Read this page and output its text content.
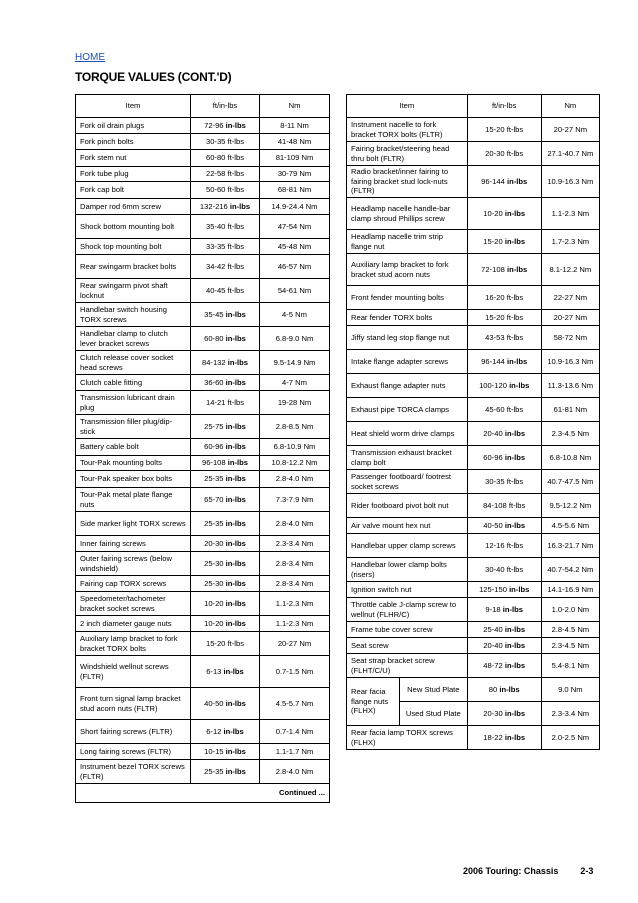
HOME
TORQUE VALUES (CONT.'D)
Item	ft/in-lbs	Nm
Fork oil drain plugs	72-96 in-lbs	8-11 Nm
Fork pinch bolts	30-35 ft-lbs	41-48 Nm
Fork stem nut	60-80 ft-lbs	81-109 Nm
Fork tube plug	22-58 ft-lbs	30-79 Nm
Fork cap bolt	50-60 ft-lbs	68-81 Nm
Damper rod 6mm screw	132-216 in-lbs	14.9-24.4 Nm
Shock bottom mounting bolt	35-40 ft-lbs	47-54 Nm
Shock top mounting bolt	33-35 ft-lbs	45-48 Nm
Rear swingarm bracket bolts	34-42 ft-lbs	46-57 Nm
Rear swingarm pivot shaft locknut	40-45 ft-lbs	54-61 Nm
Handlebar switch housing TORX screws	35-45 in-lbs	4-5 Nm
Handlebar clamp to clutch lever bracket screws	60-80 in-lbs	6.8-9.0 Nm
Clutch release cover socket head screws	84-132 in-lbs	9.5-14.9 Nm
Clutch cable fitting	36-60 in-lbs	4-7 Nm
Transmission lubricant drain plug	14-21 ft-lbs	19-28 Nm
Transmission filler plug/dip-stick	25-75 in-lbs	2.8-8.5 Nm
Battery cable bolt	60-96 in-lbs	6.8-10.9 Nm
Tour-Pak mounting bolts	96-108 in-lbs	10.8-12.2 Nm
Tour-Pak speaker box bolts	25-35 in-lbs	2.8-4.0 Nm
Tour-Pak metal plate flange nuts	65-70 in-lbs	7.3-7.9 Nm
Side marker light TORX screws	25-35 in-lbs	2.8-4.0 Nm
Inner fairing screws	20-30 in-lbs	2.3-3.4 Nm
Outer fairing screws (below windshield)	25-30 in-lbs	2.8-3.4 Nm
Fairing cap TORX screws	25-30 in-lbs	2.8-3.4 Nm
Speedometer/tachometer bracket socket screws	10-20 in-lbs	1.1-2.3 Nm
2 inch diameter gauge nuts	10-20 in-lbs	1.1-2.3 Nm
Auxiliary lamp bracket to fork bracket TORX bolts	15-20 ft-lbs	20-27 Nm
Windshield wellnut screws (FLTR)	6-13 in-lbs	0.7-1.5 Nm
Front turn signal lamp bracket stud acorn nuts (FLTR)	40-50 in-lbs	4.5-5.7 Nm
Short fairing screws (FLTR)	6-12 in-lbs	0.7-1.4 Nm
Long fairing screws (FLTR)	10-15 in-lbs	1.1-1.7 Nm
Instrument bezel TORX screws (FLTR)	25-35 in-lbs	2.8-4.0 Nm
Continued ...		
Item		ft/in-lbs	Nm
Instrument nacelle to fork bracket TORX bolts (FLTR)		15-20 ft-lbs	20-27 Nm
Fairing bracket/steering head thru bolt (FLTR)		20-30 ft-lbs	27.1-40.7 Nm
Radio bracket/inner fairing to fairing bracket stud lock-nuts (FLTR)		96-144 in-lbs	10.9-16.3 Nm
Headlamp nacelle handle-bar clamp shroud Phillips screw		10-20 in-lbs	1.1-2.3 Nm
Headlamp nacelle trim strip flange nut		15-20 in-lbs	1.7-2.3 Nm
Auxiliary lamp bracket to fork bracket stud acorn nuts		72-108 in-lbs	8.1-12.2 Nm
Front fender mounting bolts		16-20 ft-lbs	22-27 Nm
Rear fender TORX bolts		15-20 ft-lbs	20-27 Nm
Jiffy stand leg stop flange nut		43-53 ft-lbs	58-72 Nm
Intake flange adapter screws		96-144 in-lbs	10.9-16.3 Nm
Exhaust flange adapter nuts		100-120 in-lbs	11.3-13.6 Nm
Exhaust pipe TORCA clamps		45-60 ft-lbs	61-81 Nm
Heat shield worm drive clamps		20-40 in-lbs	2.3-4.5 Nm
Transmission exhaust bracket clamp bolt		60-96 in-lbs	6.8-10.8 Nm
Passenger footboard/ footrest socket screws		30-35 ft-lbs	40.7-47.5 Nm
Rider footboard pivot bolt nut		84-108 ft-lbs	9.5-12.2 Nm
Air valve mount hex nut		40-50 in-lbs	4.5-5.6 Nm
Handlebar upper clamp screws		12-16 ft-lbs	16.3-21.7 Nm
Handlebar lower clamp bolts (risers)		30-40 ft-lbs	40.7-54.2 Nm
Ignition switch nut		125-150 in-lbs	14.1-16.9 Nm
Throttle cable J-clamp screw to wellnut (FLHR/C)		9-18 in-lbs	1.0-2.0 Nm
Frame tube cover screw		25-40 in-lbs	2.8-4.5 Nm
Seat screw		20-40 in-lbs	2.3-4.5 Nm
Seat strap bracket screw (FLHT/C/U)		48-72 in-lbs	5.4-8.1 Nm
Rear facia flange nuts (FLHX)	New Stud Plate	80 in-lbs	9.0 Nm
	Used Stud Plate	20-30 in-lbs	2.3-3.4 Nm
Rear facia lamp TORX screws (FLHX)		18-22 in-lbs	2.0-2.5 Nm
2006 Touring: Chassis 2-3
